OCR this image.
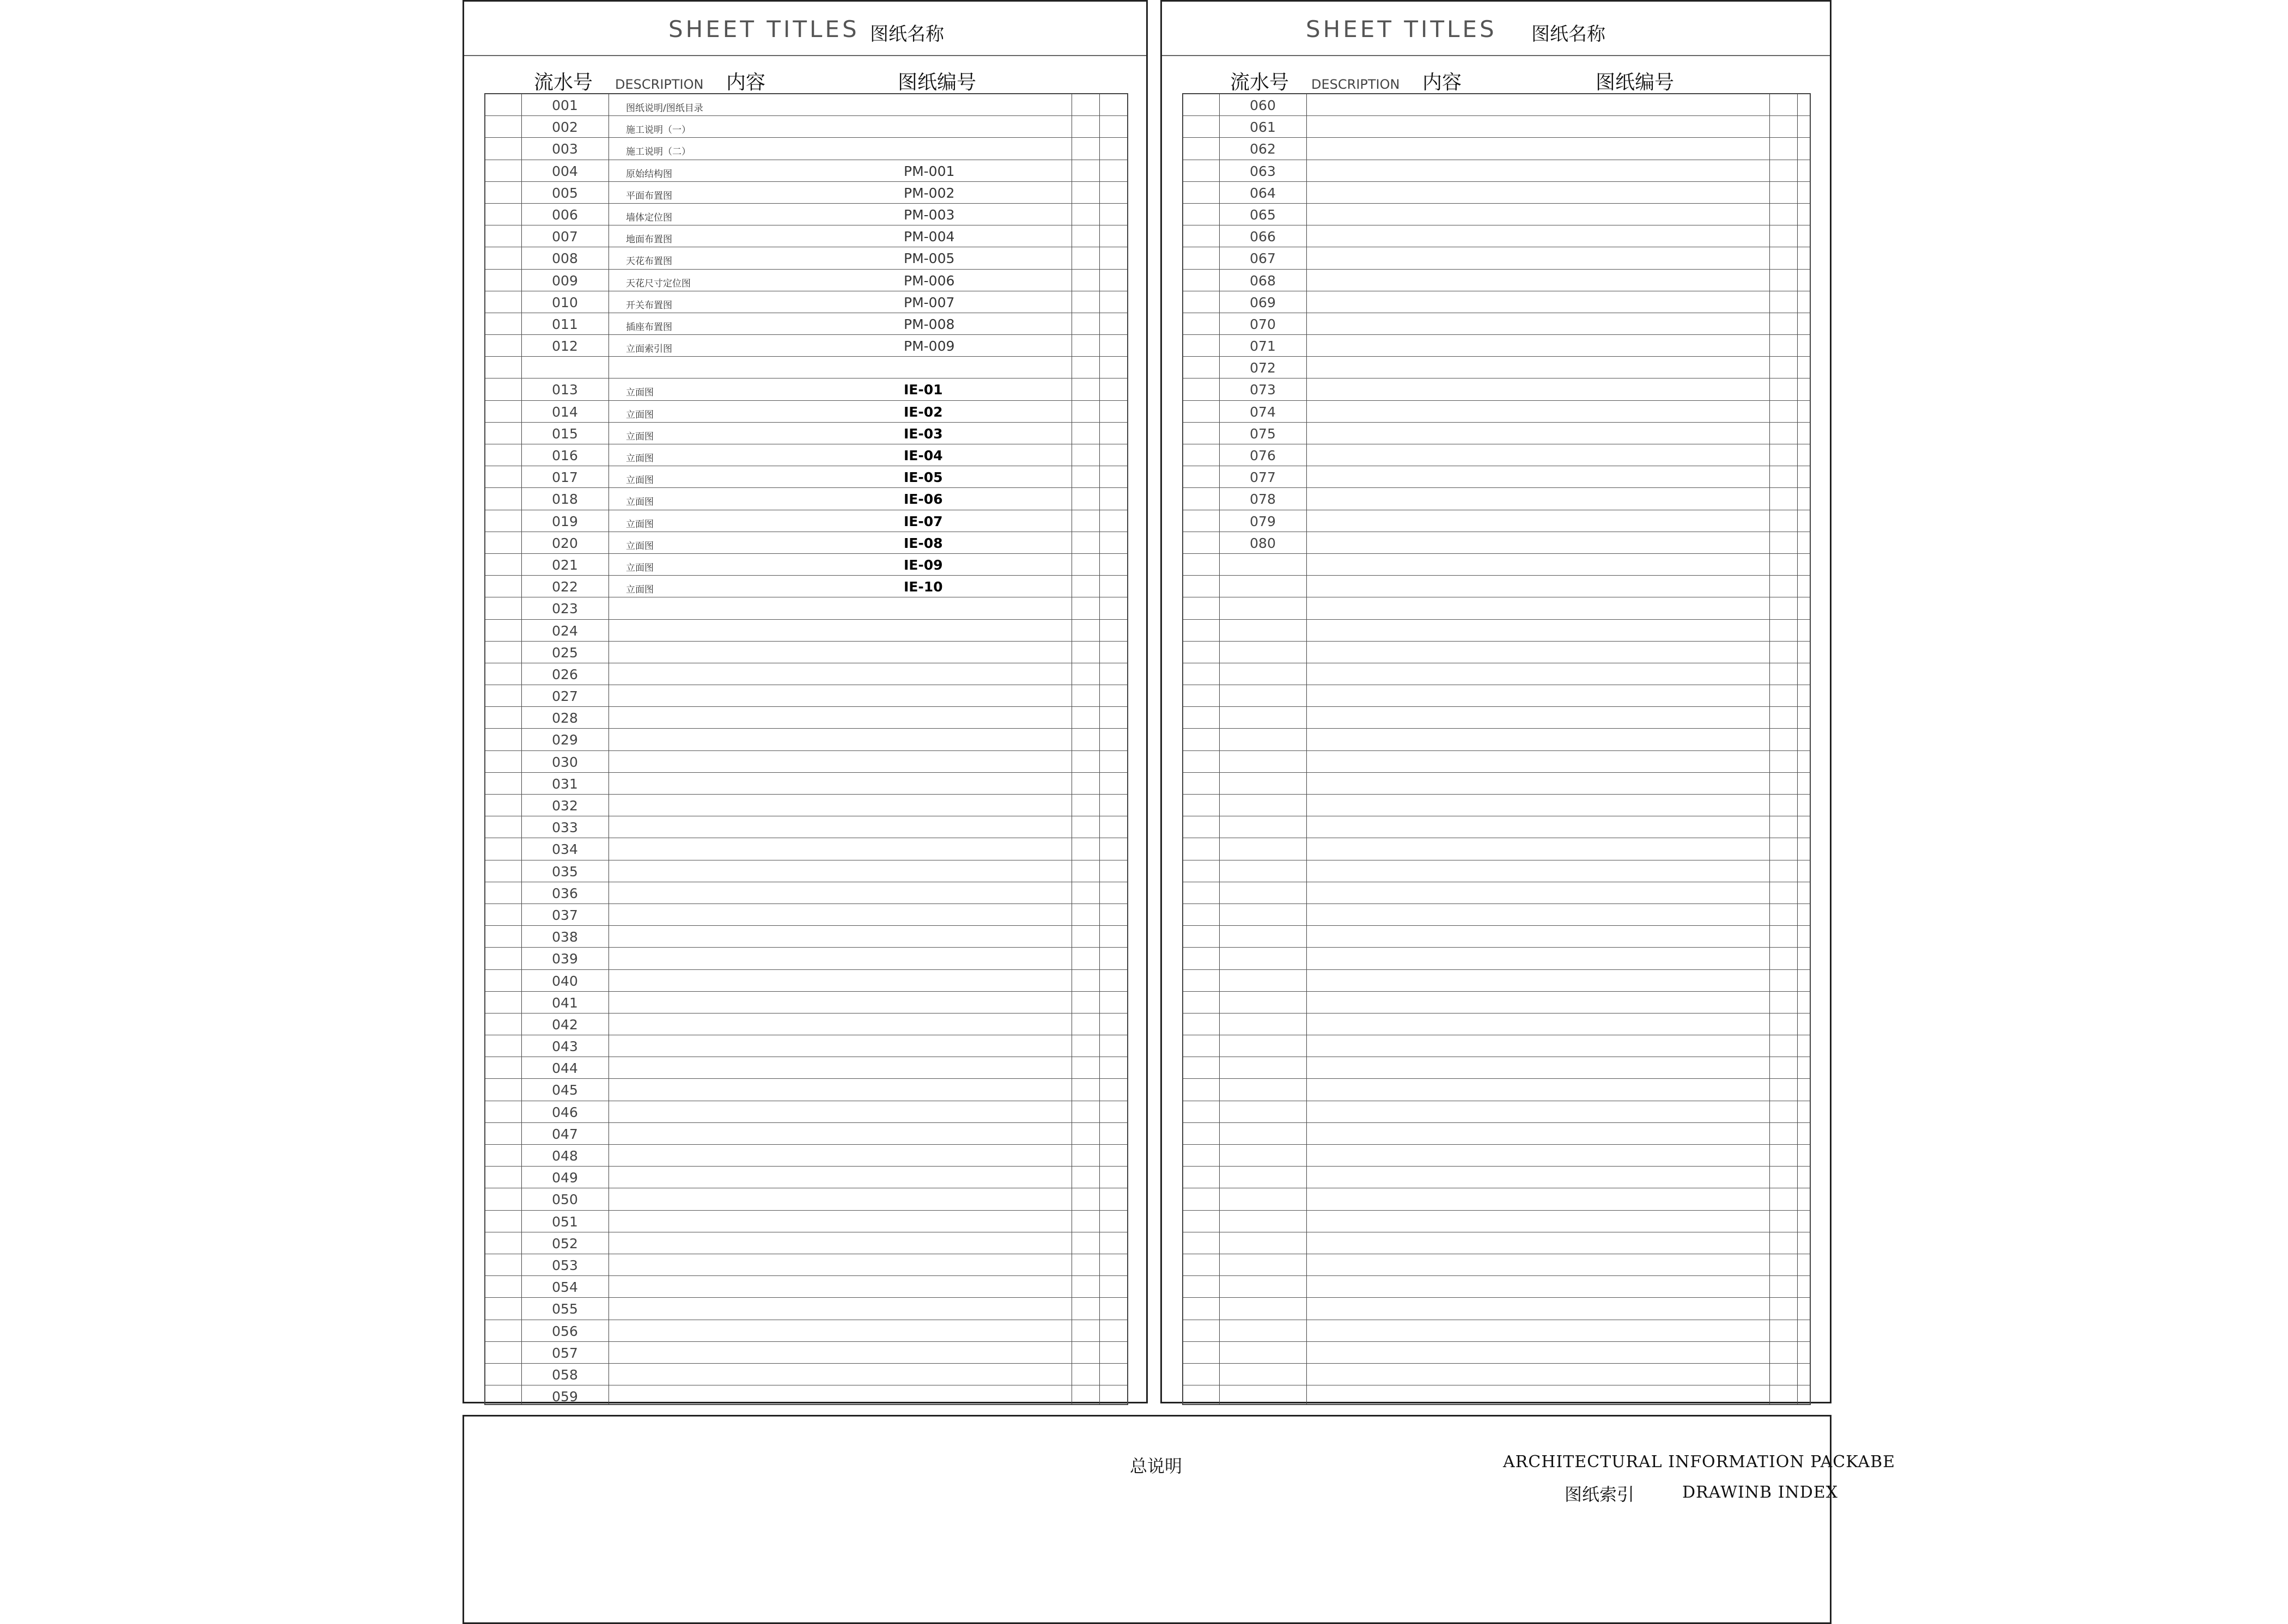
SHEET TITLES 图纸名称
流水号 DESCRIPTION 内容	图纸编号
001	图纸说明/图纸目录
002	施工说明（一）
003	施工说明（二）
004	原始结构图	PM-001
005	平面布置图	PM-002
006	墙体定位图	PM-003
007	地面布置图	PM-004
008	天花布置图	PM-005
009	天花尺寸定位图	PM-006
010	开关布置图	PM-007
011	插座布置图	PM-008
012	立面索引图	PM-009
013	立面图	IE-01
014	立面图	IE-02
015	立面图	IE-03
016	立面图	IE-04
017	立面图	IE-05
018	立面图	IE-06
019	立面图	IE-07
020	立面图	IE-08
021	立面图	IE-09
022	立面图	IE-10
023
024
025
026
027
028
029
030
031
032
033
034
035
036
037
038
039
040
041
042
043
044
045
046
047
048
049
050
051
052
053
054
055
056
057
058
059
SHEET TITLES 图纸名称
流水号 DESCRIPTION 内容	图纸编号
060
061
062
063
064
065
066
067
068
069
070
071
072
073
074
075
076
077
078
079
080
总说明	ARCHITECTURAL INFORMATION PACKABE
图纸索引	DRAWINB INDEX
